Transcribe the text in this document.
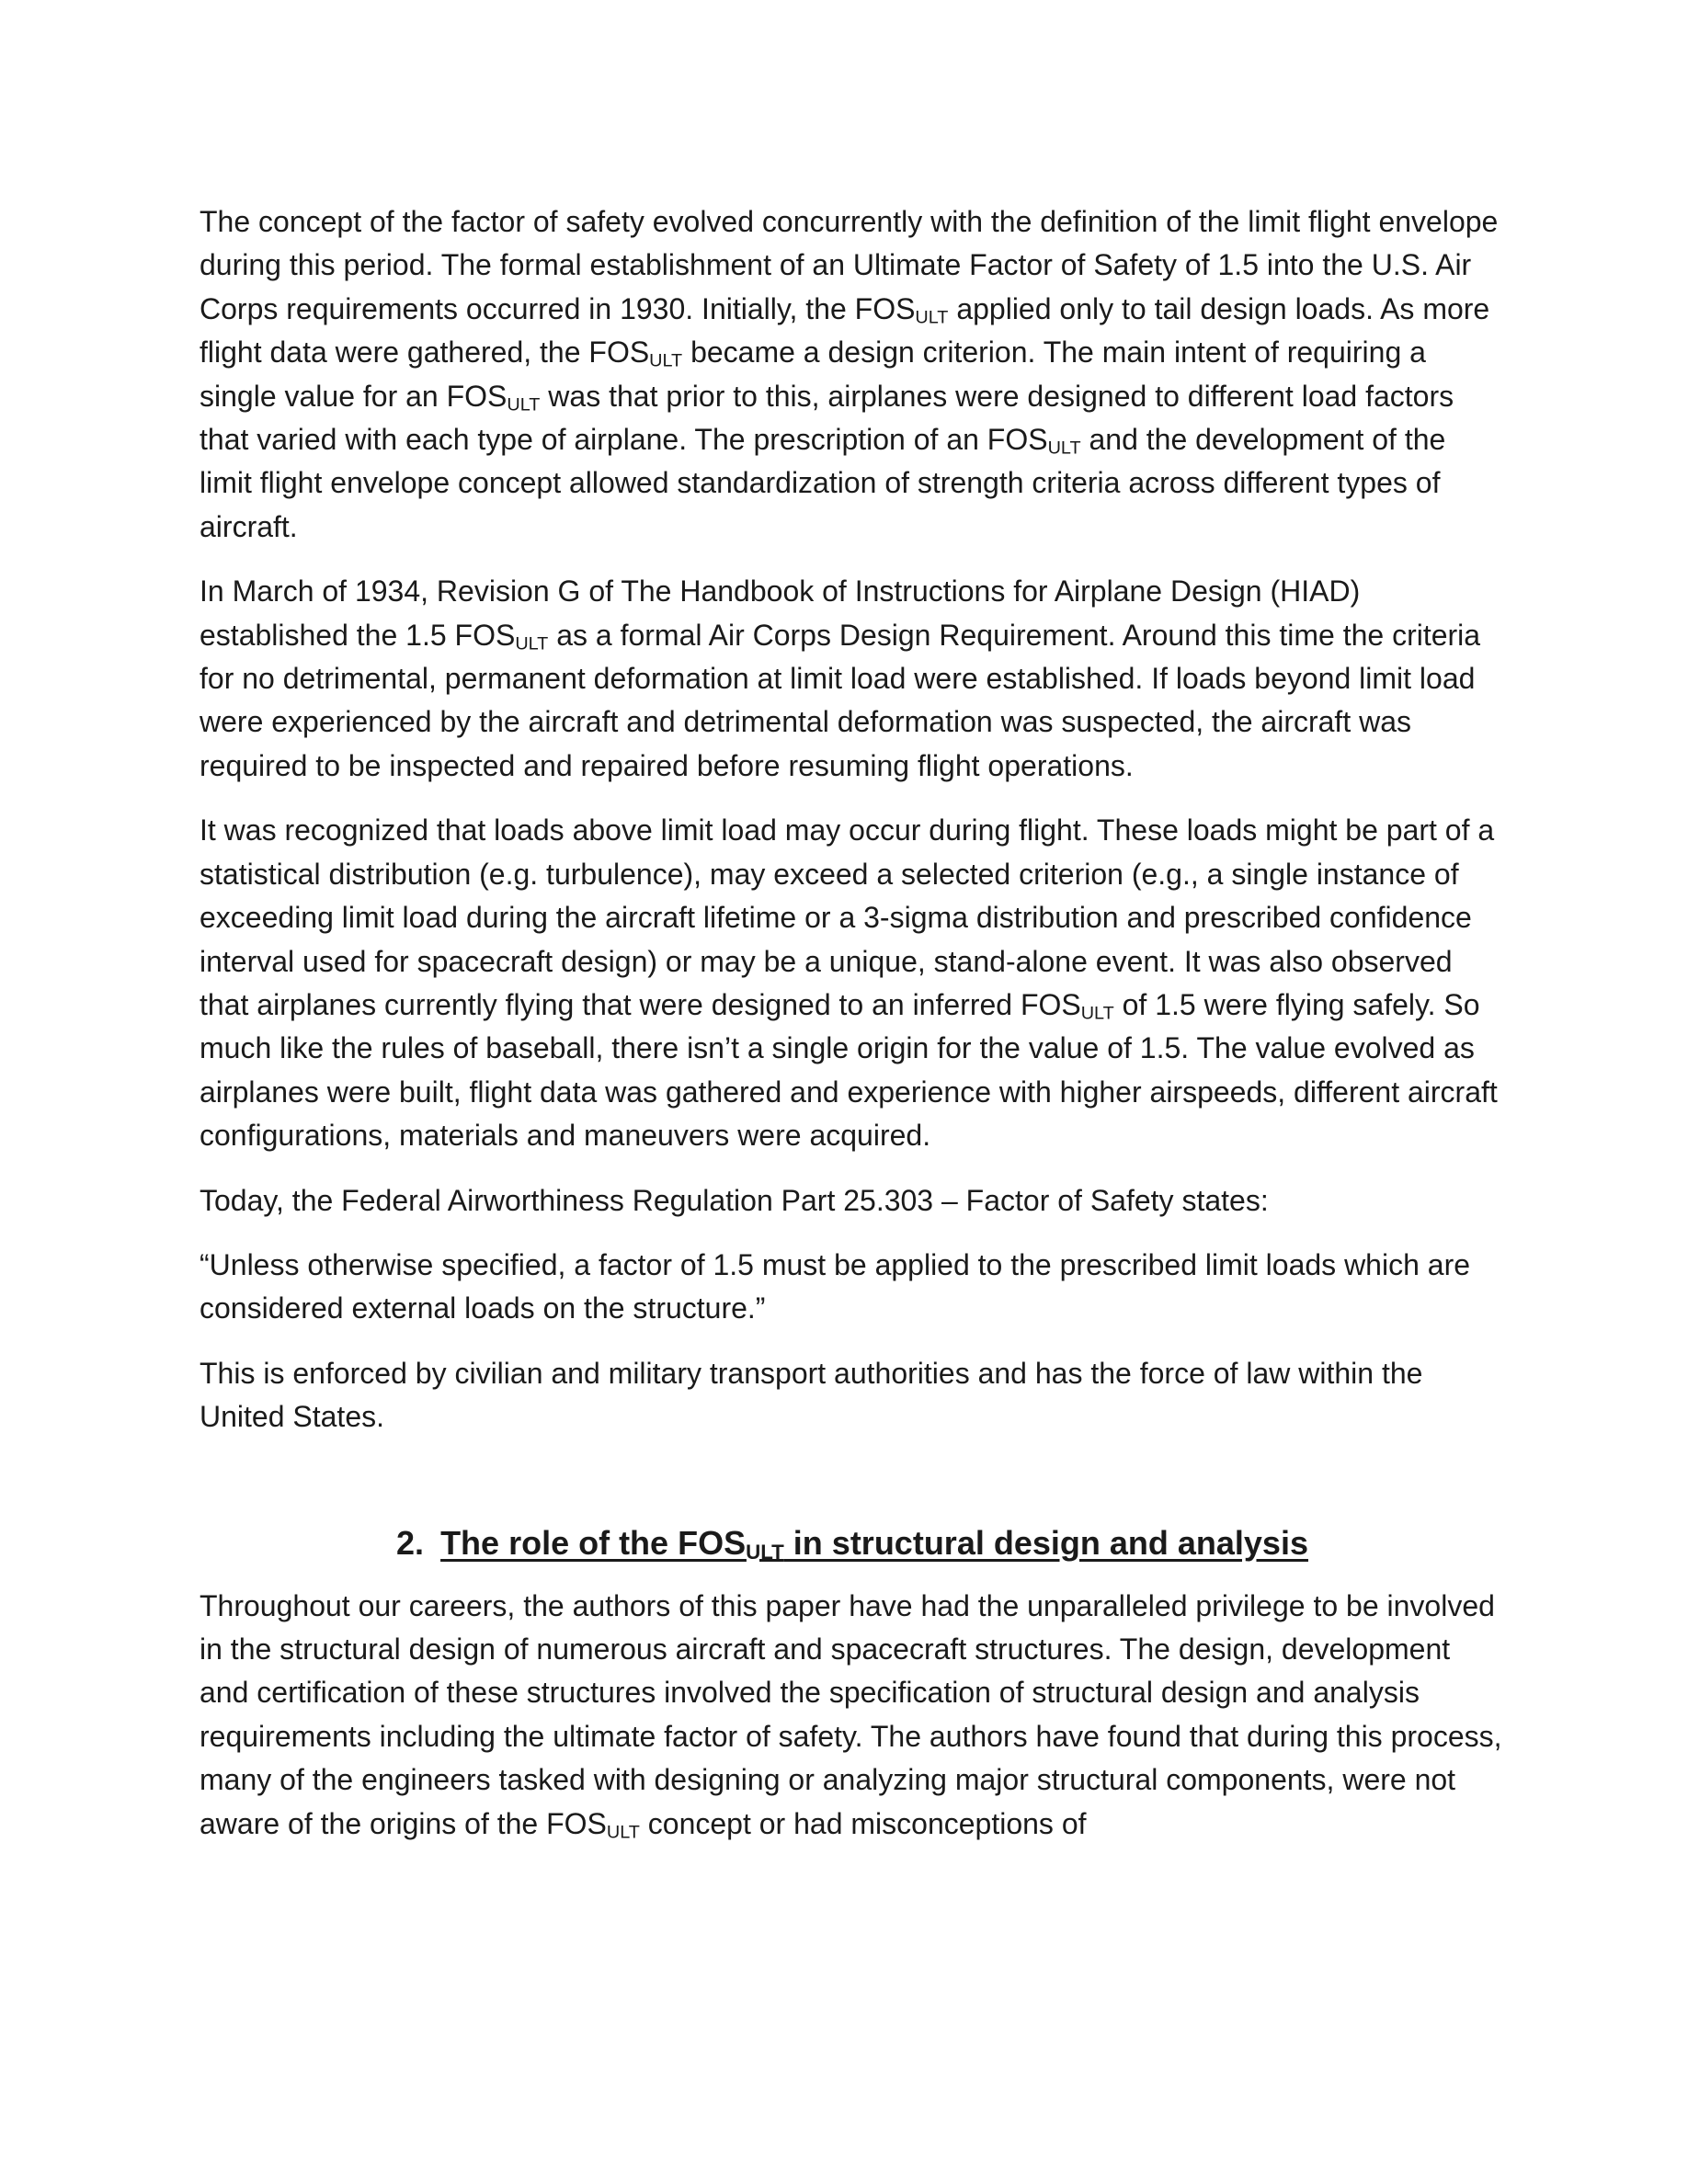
The concept of the factor of safety evolved concurrently with the definition of the limit flight envelope during this period. The formal establishment of an Ultimate Factor of Safety of 1.5 into the U.S. Air Corps requirements occurred in 1930. Initially, the $FOS_{ULT}$ applied only to tail design loads. As more flight data were gathered, the $FOS_{ULT}$ became a design criterion. The main intent of requiring a single value for an $FOS_{ULT}$ was that prior to this, airplanes were designed to different load factors that varied with each type of airplane. The prescription of an $FOS_{ULT}$ and the development of the limit flight envelope concept allowed standardization of strength criteria across different types of aircraft.

In March of 1934, Revision G of The Handbook of Instructions for Airplane Design (HIAD) established the 1.5 $FOS_{ULT}$ as a formal Air Corps Design Requirement. Around this time the criteria for no detrimental, permanent deformation at limit load were established. If loads beyond limit load were experienced by the aircraft and detrimental deformation was suspected, the aircraft was required to be inspected and repaired before resuming flight operations.

It was recognized that loads above limit load may occur during flight. These loads might be part of a statistical distribution (e.g. turbulence), may exceed a selected criterion (e.g., a single instance of exceeding limit load during the aircraft lifetime or a 3-sigma distribution and prescribed confidence interval used for spacecraft design) or may be a unique, stand-alone event. It was also observed that airplanes currently flying that were designed to an inferred $FOS_{ULT}$ of 1.5 were flying safely. So much like the rules of baseball, there isn’t a single origin for the value of 1.5. The value evolved as airplanes were built, flight data was gathered and experience with higher airspeeds, different aircraft configurations, materials and maneuvers were acquired.

Today, the Federal Airworthiness Regulation Part 25.303 – Factor of Safety states:

“Unless otherwise specified, a factor of 1.5 must be applied to the prescribed limit loads which are considered external loads on the structure.”

This is enforced by civilian and military transport authorities and has the force of law within the United States.

2. The role of the $FOS_{ULT}$ in structural design and analysis

Throughout our careers, the authors of this paper have had the unparalleled privilege to be involved in the structural design of numerous aircraft and spacecraft structures. The design, development and certification of these structures involved the specification of structural design and analysis requirements including the ultimate factor of safety. The authors have found that during this process, many of the engineers tasked with designing or analyzing major structural components, were not aware of the origins of the $FOS_{ULT}$ concept or had misconceptions of
